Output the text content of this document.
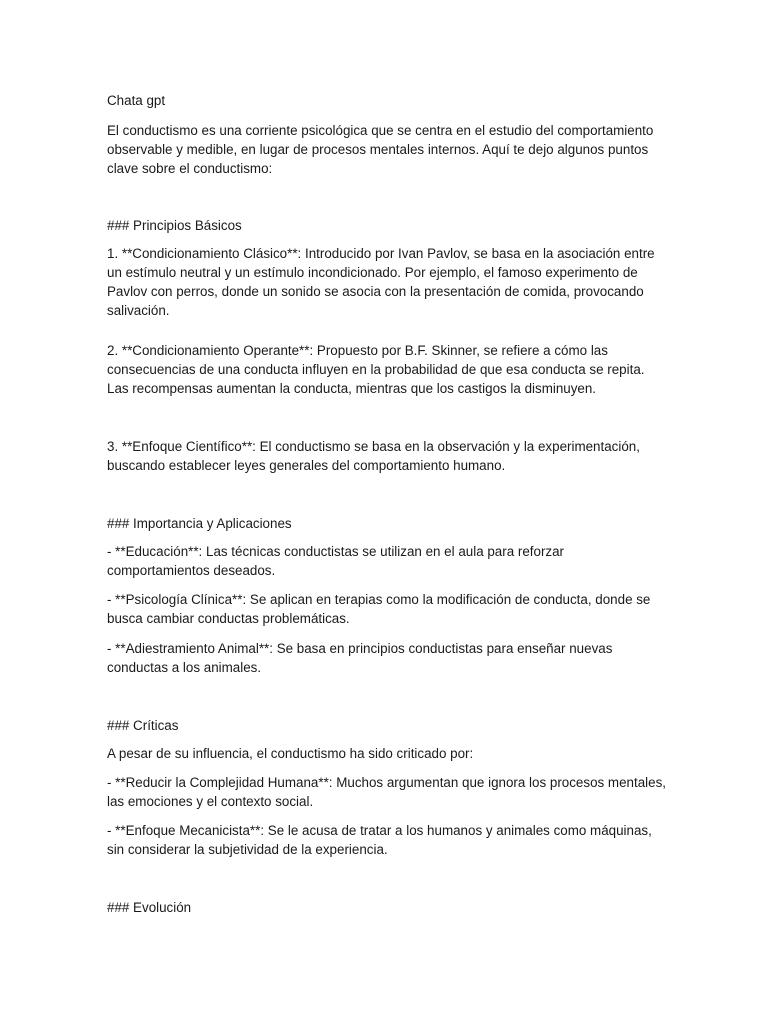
Chata gpt

El conductismo es una corriente psicológica que se centra en el estudio del comportamiento observable y medible, en lugar de procesos mentales internos. Aquí te dejo algunos puntos clave sobre el conductismo:

### Principios Básicos

1. **Condicionamiento Clásico**: Introducido por Ivan Pavlov, se basa en la asociación entre un estímulo neutral y un estímulo incondicionado. Por ejemplo, el famoso experimento de Pavlov con perros, donde un sonido se asocia con la presentación de comida, provocando salivación.

2. **Condicionamiento Operante**: Propuesto por B.F. Skinner, se refiere a cómo las consecuencias de una conducta influyen en la probabilidad de que esa conducta se repita. Las recompensas aumentan la conducta, mientras que los castigos la disminuyen.

3. **Enfoque Científico**: El conductismo se basa en la observación y la experimentación, buscando establecer leyes generales del comportamiento humano.

### Importancia y Aplicaciones

- **Educación**: Las técnicas conductistas se utilizan en el aula para reforzar comportamientos deseados.

- **Psicología Clínica**: Se aplican en terapias como la modificación de conducta, donde se busca cambiar conductas problemáticas.

- **Adiestramiento Animal**: Se basa en principios conductistas para enseñar nuevas conductas a los animales.

### Críticas

A pesar de su influencia, el conductismo ha sido criticado por:

- **Reducir la Complejidad Humana**: Muchos argumentan que ignora los procesos mentales, las emociones y el contexto social.

- **Enfoque Mecanicista**: Se le acusa de tratar a los humanos y animales como máquinas, sin considerar la subjetividad de la experiencia.

### Evolución
